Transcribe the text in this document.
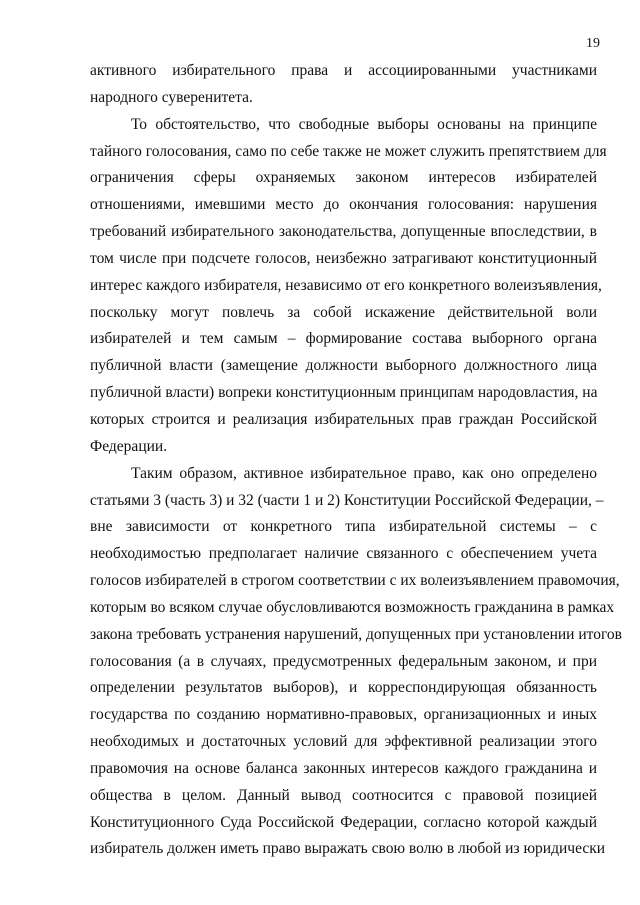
19
активного избирательного права и ассоциированными участниками
народного суверенитета.
То обстоятельство, что свободные выборы основаны на принципе
тайного голосования, само по себе также не может служить препятствием для
ограничения сферы охраняемых законом интересов избирателей
отношениями, имевшими место до окончания голосования: нарушения
требований избирательного законодательства, допущенные впоследствии, в
том числе при подсчете голосов, неизбежно затрагивают конституционный
интерес каждого избирателя, независимо от его конкретного волеизъявления,
поскольку могут повлечь за собой искажение действительной воли
избирателей и тем самым – формирование состава выборного органа
публичной власти (замещение должности выборного должностного лица
публичной власти) вопреки конституционным принципам народовластия, на
которых строится и реализация избирательных прав граждан Российской
Федерации.
Таким образом, активное избирательное право, как оно определено
статьями 3 (часть 3) и 32 (части 1 и 2) Конституции Российской Федерации, –
вне зависимости от конкретного типа избирательной системы – с
необходимостью предполагает наличие связанного с обеспечением учета
голосов избирателей в строгом соответствии с их волеизъявлением правомочия,
которым во всяком случае обусловливаются возможность гражданина в рамках
закона требовать устранения нарушений, допущенных при установлении итогов
голосования (а в случаях, предусмотренных федеральным законом, и при
определении результатов выборов), и корреспондирующая обязанность
государства по созданию нормативно-правовых, организационных и иных
необходимых и достаточных условий для эффективной реализации этого
правомочия на основе баланса законных интересов каждого гражданина и
общества в целом. Данный вывод соотносится с правовой позицией
Конституционного Суда Российской Федерации, согласно которой каждый
избиратель должен иметь право выражать свою волю в любой из юридически
